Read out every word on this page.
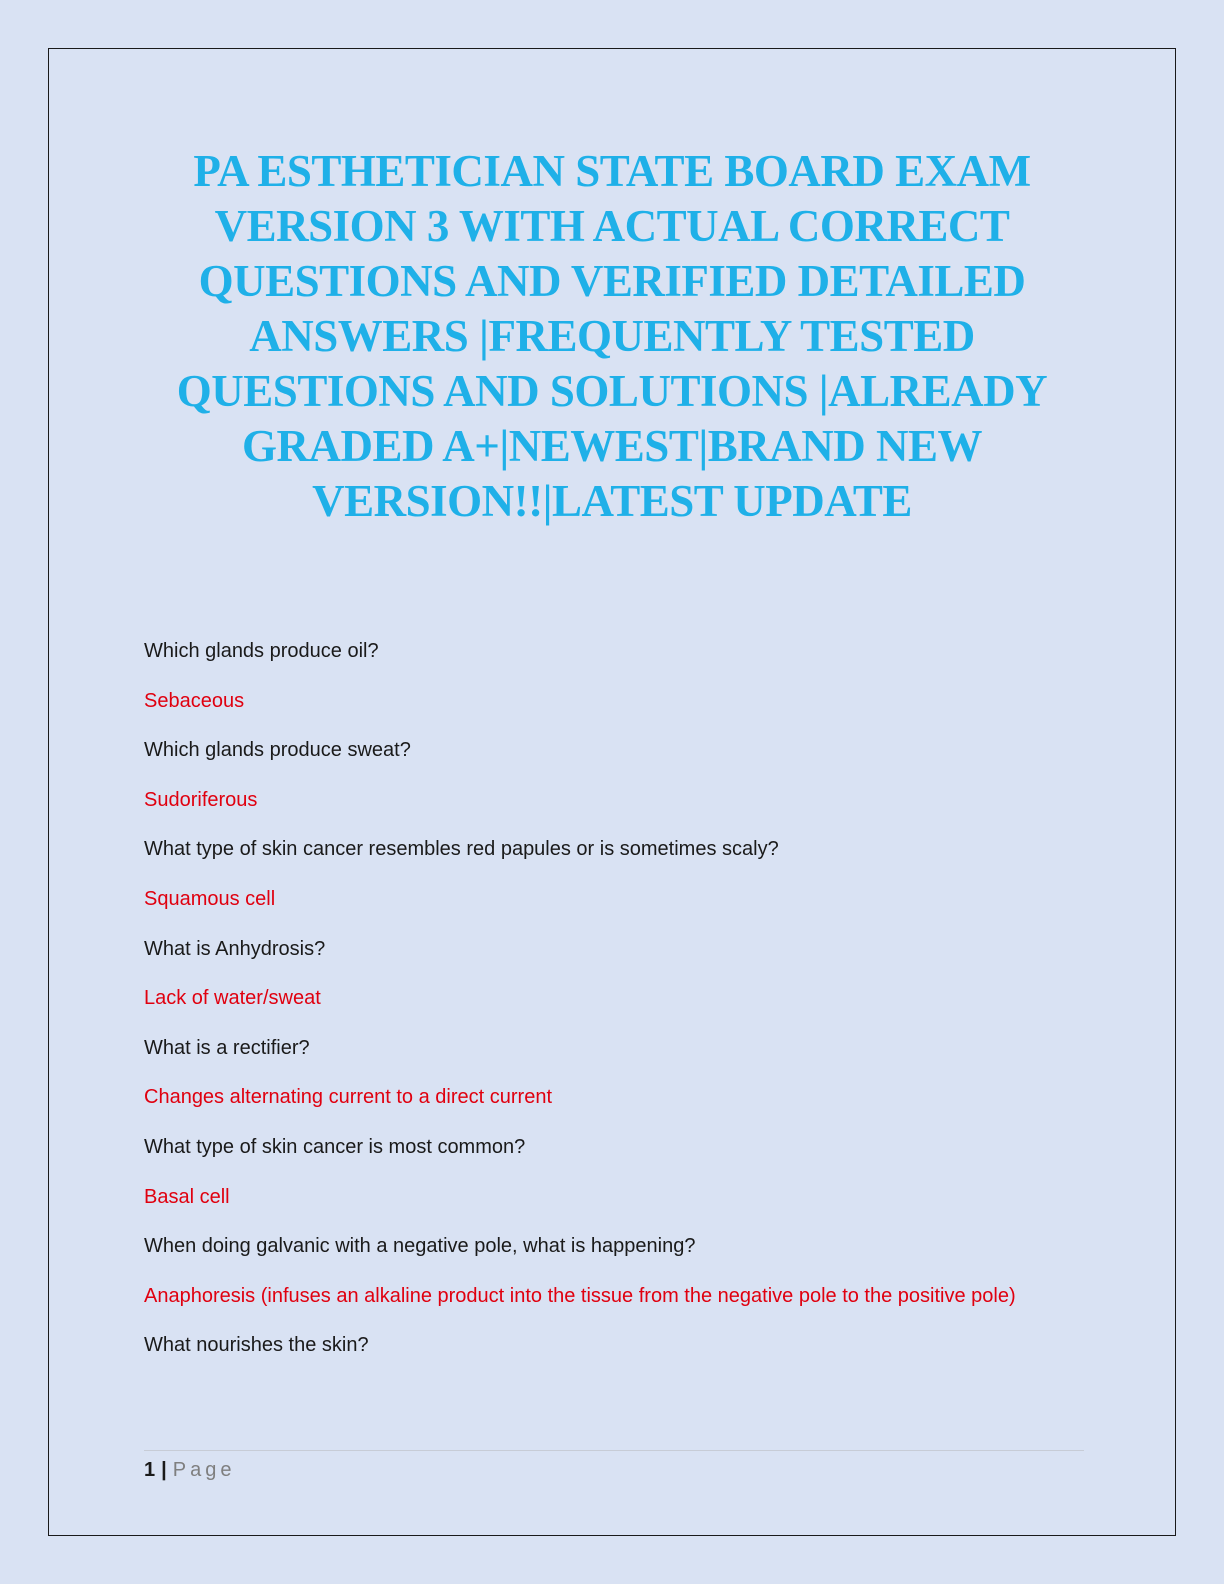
PA ESTHETICIAN STATE BOARD EXAM VERSION 3 WITH ACTUAL CORRECT QUESTIONS AND VERIFIED DETAILED ANSWERS |FREQUENTLY TESTED QUESTIONS AND SOLUTIONS |ALREADY GRADED A+|NEWEST|BRAND NEW VERSION!!|LATEST UPDATE

Which glands produce oil?

Sebaceous

Which glands produce sweat?

Sudoriferous

What type of skin cancer resembles red papules or is sometimes scaly?

Squamous cell

What is Anhydrosis?

Lack of water/sweat

What is a rectifier?

Changes alternating current to a direct current

What type of skin cancer is most common?

Basal cell

When doing galvanic with a negative pole, what is happening?

Anaphoresis (infuses an alkaline product into the tissue from the negative pole to the positive pole)

What nourishes the skin?

1 | Page
